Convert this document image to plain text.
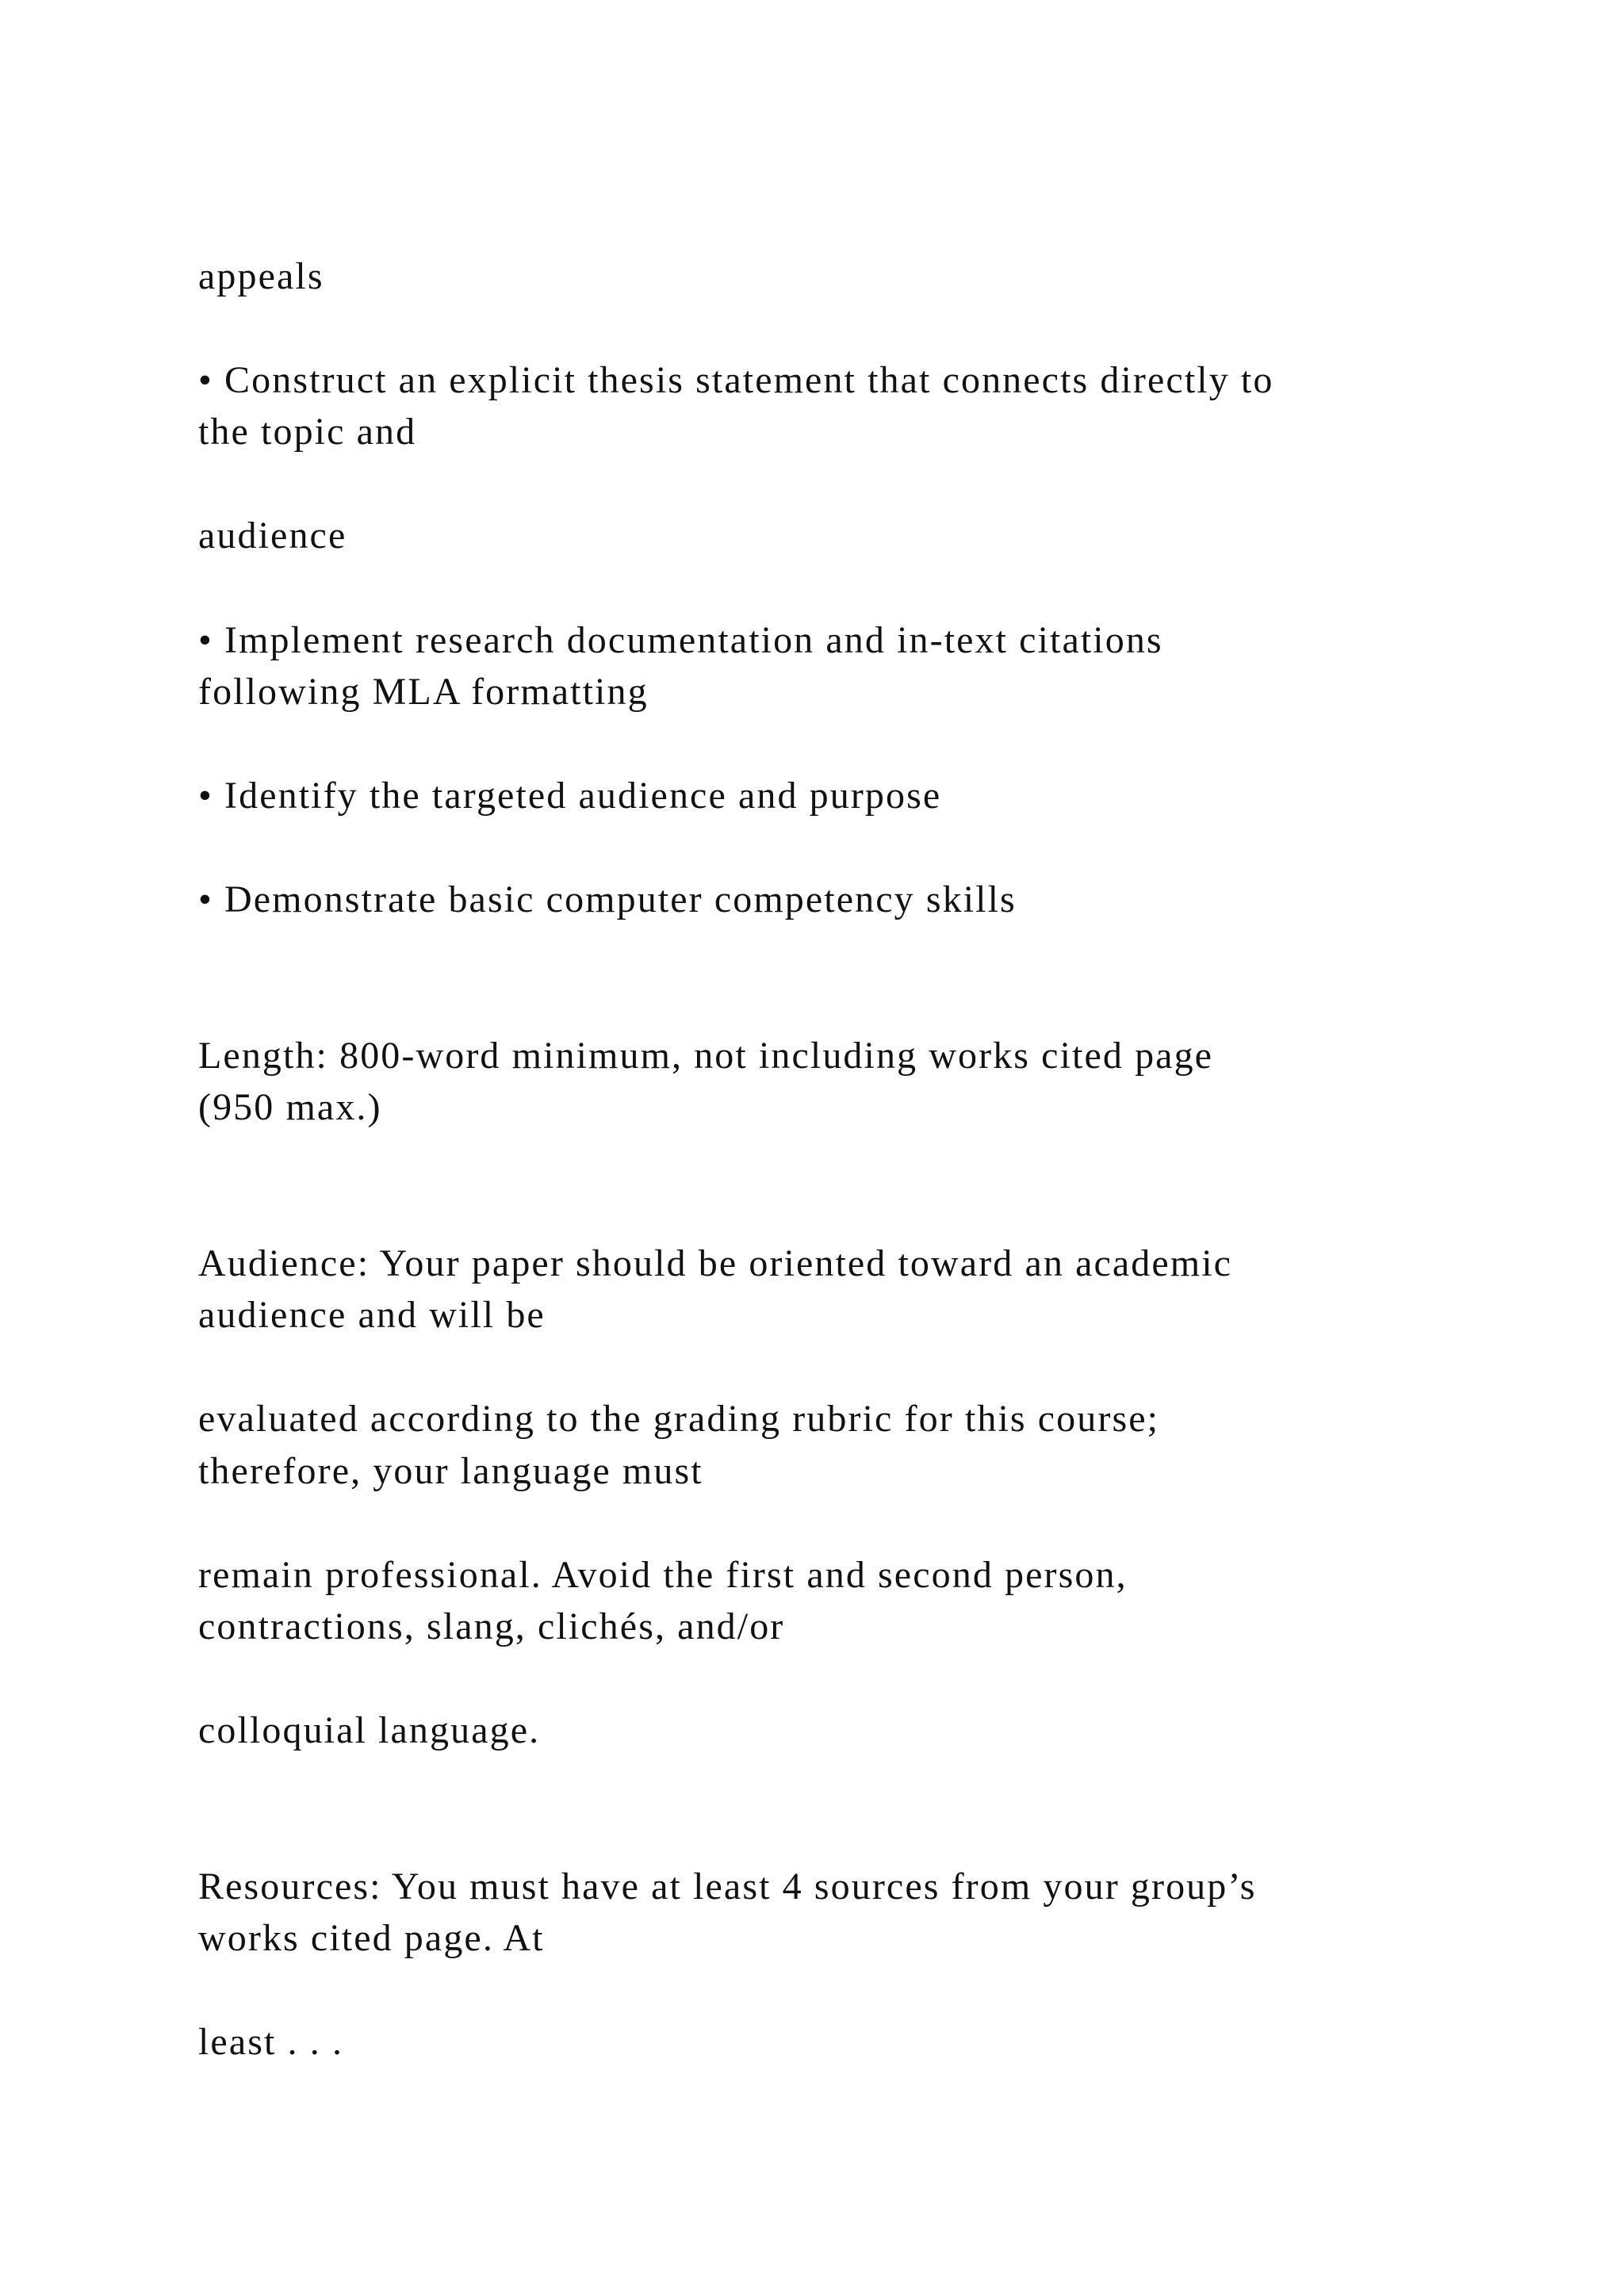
appeals

• Construct an explicit thesis statement that connects directly to

the topic and

audience

• Implement research documentation and in-text citations

following MLA formatting

• Identify the targeted audience and purpose

• Demonstrate basic computer competency skills

Length: 800-word minimum, not including works cited page

(950 max.)

Audience: Your paper should be oriented toward an academic

audience and will be

evaluated according to the grading rubric for this course;

therefore, your language must

remain professional. Avoid the first and second person,

contractions, slang, clichés, and/or

colloquial language.

Resources: You must have at least 4 sources from your group’s

works cited page. At

least . . .
